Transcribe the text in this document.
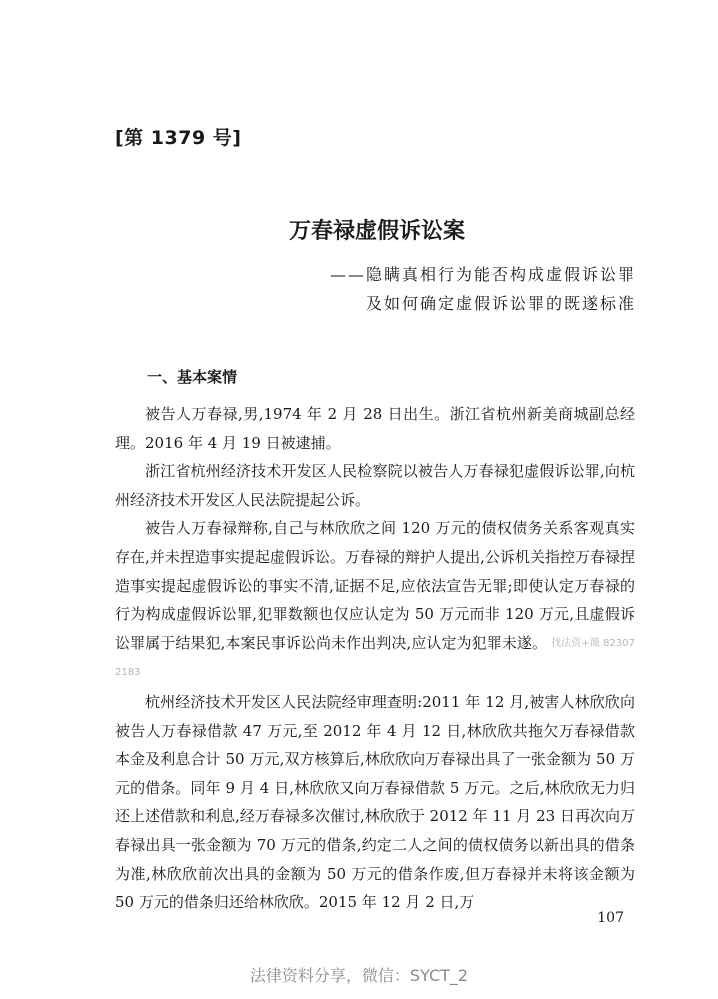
[第 1379 号]
万春禄虚假诉讼案
——隐瞒真相行为能否构成虚假诉讼罪
及如何确定虚假诉讼罪的既遂标准
一、基本案情

被告人万春禄,男,1974 年 2 月 28 日出生。浙江省杭州新美商城副总经理。2016 年 4 月 19 日被逮捕。

浙江省杭州经济技术开发区人民检察院以被告人万春禄犯虚假诉讼罪,向杭州经济技术开发区人民法院提起公诉。

被告人万春禄辩称,自己与林欣欣之间 120 万元的债权债务关系客观真实存在,并未捏造事实提起虚假诉讼。万春禄的辩护人提出,公诉机关指控万春禄捏造事实提起虚假诉讼的事实不清,证据不足,应依法宣告无罪;即使认定万春禄的行为构成虚假诉讼罪,犯罪数额也仅应认定为 50 万元而非 120 万元,且虚假诉讼罪属于结果犯,本案民事诉讼尚未作出判决,应认定为犯罪未遂。 找法资+薇 82307 2183

杭州经济技术开发区人民法院经审理查明:2011 年 12 月,被害人林欣欣向被告人万春禄借款 47 万元,至 2012 年 4 月 12 日,林欣欣共拖欠万春禄借款本金及利息合计 50 万元,双方核算后,林欣欣向万春禄出具了一张金额为 50 万元的借条。同年 9 月 4 日,林欣欣又向万春禄借款 5 万元。之后,林欣欣无力归还上述借款和利息,经万春禄多次催讨,林欣欣于 2012 年 11 月 23 日再次向万春禄出具一张金额为 70 万元的借条,约定二人之间的债权债务以新出具的借条为准,林欣欣前次出具的金额为 50 万元的借条作废,但万春禄并未将该金额为 50 万元的借条归还给林欣欣。2015 年 12 月 2 日,万

107
法律资料分享，微信：SYCT_2
